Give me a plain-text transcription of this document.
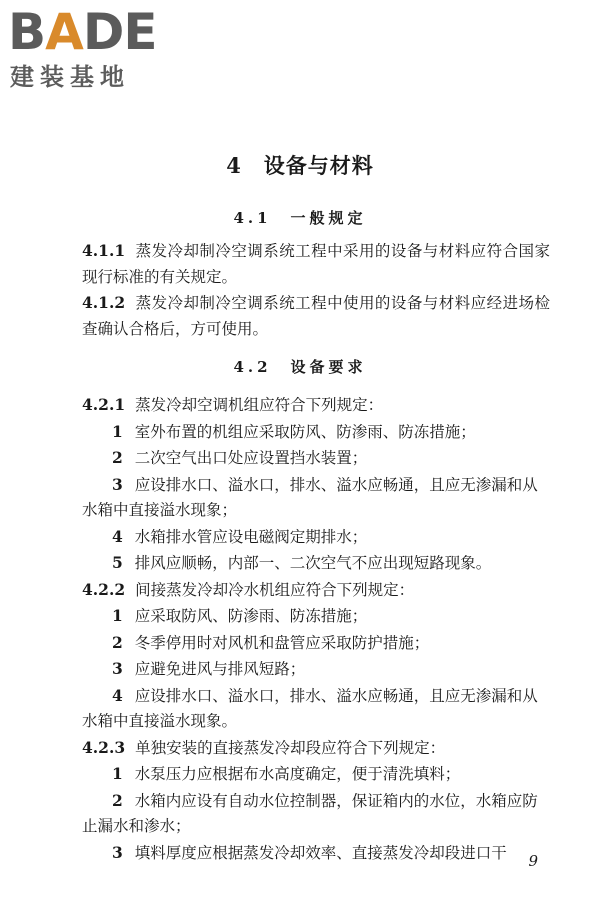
BADE
建装基地
4　设备与材料
4.1　一般规定

4.1.1 蒸发冷却制冷空调系统工程中采用的设备与材料应符合国家现行标准的有关规定。

4.1.2 蒸发冷却制冷空调系统工程中使用的设备与材料应经进场检查确认合格后，方可使用。

4.2　设备要求

4.2.1 蒸发冷却空调机组应符合下列规定：

1 室外布置的机组应采取防风、防渗雨、防冻措施；

2 二次空气出口处应设置挡水装置；

3 应设排水口、溢水口，排水、溢水应畅通，且应无渗漏和从水箱中直接溢水现象；

4 水箱排水管应设电磁阀定期排水；

5 排风应顺畅，内部一、二次空气不应出现短路现象。

4.2.2 间接蒸发冷却冷水机组应符合下列规定：

1 应采取防风、防渗雨、防冻措施；

2 冬季停用时对风机和盘管应采取防护措施；

3 应避免进风与排风短路；

4 应设排水口、溢水口，排水、溢水应畅通，且应无渗漏和从水箱中直接溢水现象。

4.2.3 单独安装的直接蒸发冷却段应符合下列规定：

1 水泵压力应根据布水高度确定，便于清洗填料；

2 水箱内应设有自动水位控制器，保证箱内的水位，水箱应防止漏水和渗水；

3 填料厚度应根据蒸发冷却效率、直接蒸发冷却段进口干	9
